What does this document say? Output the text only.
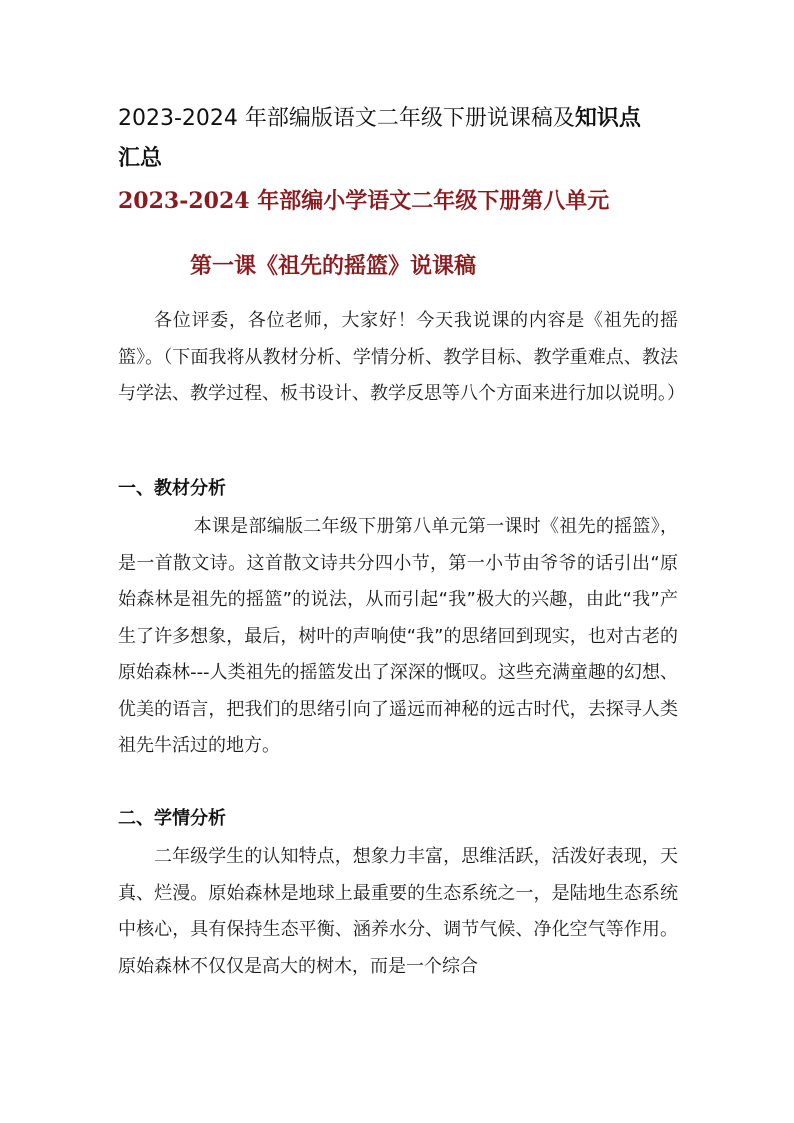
2023-2024 年部编版语文二年级下册说课稿及知识点
汇总
2023-2024 年部编小学语文二年级下册第八单元
第一课《祖先的摇篮》说课稿
各位评委，各位老师，大家好！今天我说课的内容是《祖先的摇篮》。（下面我将从教材分析、学情分析、教学目标、教学重难点、教法与学法、教学过程、板书设计、教学反思等八个方面来进行加以说明。）
一、教材分析
本课是部编版二年级下册第八单元第一课时《祖先的摇篮》，是一首散文诗。这首散文诗共分四小节，第一小节由爷爷的话引出“原始森林是祖先的摇篮”的说法，从而引起“我”极大的兴趣，由此“我”产生了许多想象，最后，树叶的声响使“我”的思绪回到现实，也对古老的原始森林---人类祖先的摇篮发出了深深的慨叹。这些充满童趣的幻想、优美的语言，把我们的思绪引向了遥远而神秘的远古时代，去探寻人类祖先牛活过的地方。
二、学情分析
二年级学生的认知特点，想象力丰富，思维活跃，活泼好表现，天真、烂漫。原始森林是地球上最重要的生态系统之一，是陆地生态系统中核心，具有保持生态平衡、涵养水分、调节气候、净化空气等作用。原始森林不仅仅是高大的树木，而是一个综合
